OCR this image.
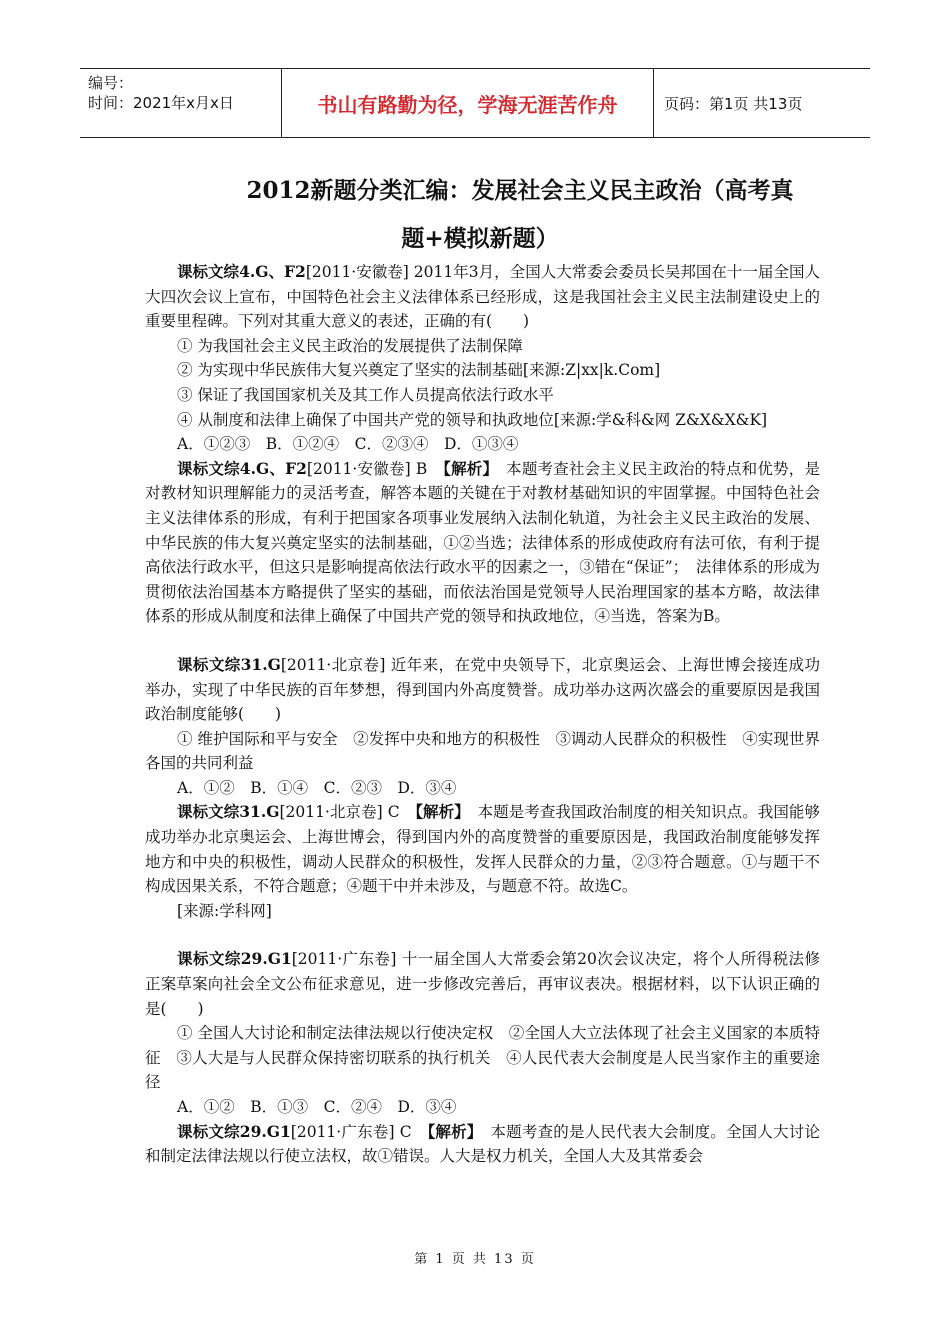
编号：
时间：2021年x月x日	书山有路勤为径，学海无涯苦作舟	页码：第1页 共13页
2012新题分类汇编：发展社会主义民主政治（高考真
题+模拟新题）

课标文综4.G、F2[2011·安徽卷] 2011年3月，全国人大常委会委员长吴邦国在十一届全国人大四次会议上宣布，中国特色社会主义法律体系已经形成，这是我国社会主义民主法制建设史上的重要里程碑。下列对其重大意义的表述，正确的有(　　)

① 为我国社会主义民主政治的发展提供了法制保障

② 为实现中华民族伟大复兴奠定了坚实的法制基础[来源:Z|xx|k.Com]

③ 保证了我国国家机关及其工作人员提高依法行政水平

④ 从制度和法律上确保了中国共产党的领导和执政地位[来源:学&科&网 Z&X&X&K]

A．①②③　B．①②④　C．②③④　D．①③④

课标文综4.G、F2[2011·安徽卷] B　【解析】　 本题考查社会主义民主政治的特点和优势，是对教材知识理解能力的灵活考查，解答本题的关键在于对教材基础知识的牢固掌握。中国特色社会主义法律体系的形成，有利于把国家各项事业发展纳入法制化轨道，为社会主义民主政治的发展、中华民族的伟大复兴奠定坚实的法制基础，①②当选；法律体系的形成使政府有法可依，有利于提高依法行政水平，但这只是影响提高依法行政水平的因素之一，③错在“保证”；　法律体系的形成为贯彻依法治国基本方略提供了坚实的基础，而依法治国是党领导人民治理国家的基本方略，故法律体系的形成从制度和法律上确保了中国共产党的领导和执政地位，④当选，答案为B。

课标文综31.G[2011·北京卷] 近年来，在党中央领导下，北京奥运会、上海世博会接连成功举办，实现了中华民族的百年梦想，得到国内外高度赞誉。成功举办这两次盛会的重要原因是我国政治制度能够(　　)

① 维护国际和平与安全　②发挥中央和地方的积极性　③调动人民群众的积极性　④实现世界各国的共同利益

A．①②　B．①④　C．②③　D．③④

课标文综31.G[2011·北京卷] C　【解析】　 本题是考查我国政治制度的相关知识点。我国能够成功举办北京奥运会、上海世博会，得到国内外的高度赞誉的重要原因是，我国政治制度能够发挥地方和中央的积极性，调动人民群众的积极性，发挥人民群众的力量，②③符合题意。①与题干不构成因果关系，不符合题意；④题干中并未涉及，与题意不符。故选C。

[来源:学科网]

课标文综29.G1[2011·广东卷] 十一届全国人大常委会第20次会议决定，将个人所得税法修正案草案向社会全文公布征求意见，进一步修改完善后，再审议表决。根据材料，以下认识正确的是(　　)

① 全国人大讨论和制定法律法规以行使决定权　②全国人大立法体现了社会主义国家的本质特征　③人大是与人民群众保持密切联系的执行机关　④人民代表大会制度是人民当家作主的重要途径

A．①②　B．①③　C．②④　D．③④

课标文综29.G1[2011·广东卷] C　【解析】　 本题考查的是人民代表大会制度。全国人大讨论和制定法律法规以行使立法权，故①错误。人大是权力机关，全国人大及其常委会

第 1 页 共 13 页
